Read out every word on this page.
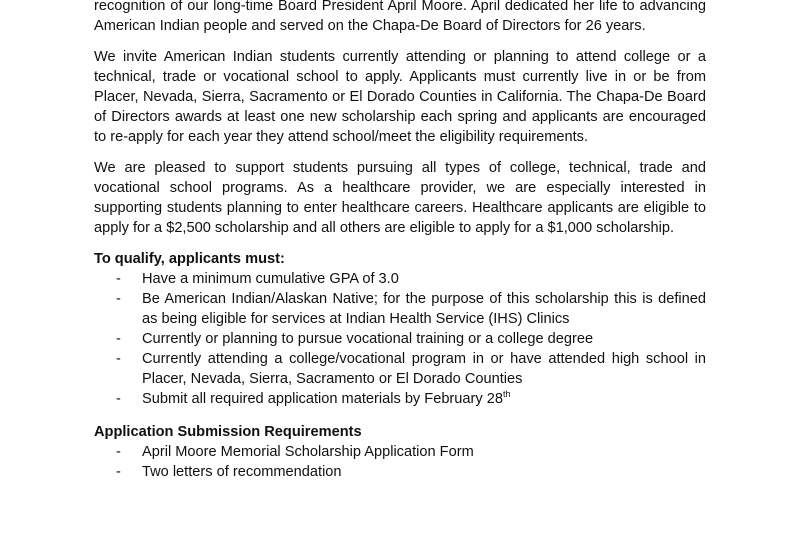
recognition of our long-time Board President April Moore. April dedicated her life to advancing American Indian people and served on the Chapa-De Board of Directors for 26 years.

We invite American Indian students currently attending or planning to attend college or a technical, trade or vocational school to apply. Applicants must currently live in or be from Placer, Nevada, Sierra, Sacramento or El Dorado Counties in California. The Chapa-De Board of Directors awards at least one new scholarship each spring and applicants are encouraged to re-apply for each year they attend school/meet the eligibility requirements.

We are pleased to support students pursuing all types of college, technical, trade and vocational school programs. As a healthcare provider, we are especially interested in supporting students planning to enter healthcare careers. Healthcare applicants are eligible to apply for a $2,500 scholarship and all others are eligible to apply for a $1,000 scholarship.

To qualify, applicants must:
- Have a minimum cumulative GPA of 3.0
- Be American Indian/Alaskan Native; for the purpose of this scholarship this is defined as being eligible for services at Indian Health Service (IHS) Clinics
- Currently or planning to pursue vocational training or a college degree
- Currently attending a college/vocational program in or have attended high school in Placer, Nevada, Sierra, Sacramento or El Dorado Counties
- Submit all required application materials by February 28th
Application Submission Requirements
- April Moore Memorial Scholarship Application Form
- Two letters of recommendation
